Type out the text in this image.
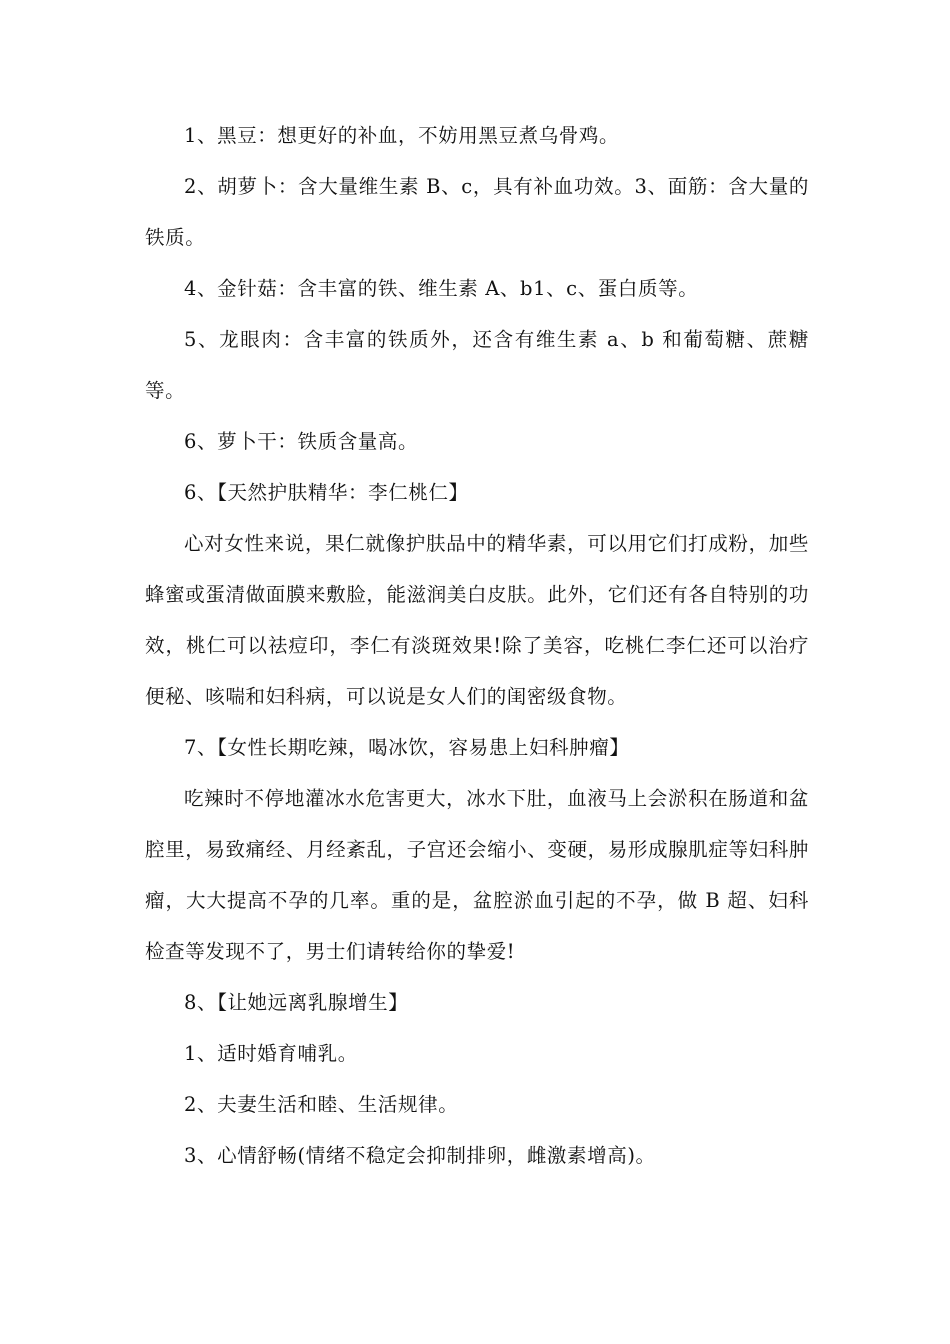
1、黑豆：想更好的补血，不妨用黑豆煮乌骨鸡。

2、胡萝卜：含大量维生素 B、c，具有补血功效。3、面筋：含大量的铁质。

4、金针菇：含丰富的铁、维生素 A、b1、c、蛋白质等。

5、龙眼肉：含丰富的铁质外，还含有维生素 a、b 和葡萄糖、蔗糖等。

6、萝卜干：铁质含量高。

6、【天然护肤精华：李仁桃仁】

心对女性来说，果仁就像护肤品中的精华素，可以用它们打成粉，加些蜂蜜或蛋清做面膜来敷脸，能滋润美白皮肤。此外，它们还有各自特别的功效，桃仁可以祛痘印，李仁有淡斑效果!除了美容，吃桃仁李仁还可以治疗便秘、咳喘和妇科病，可以说是女人们的闺密级食物。

7、【女性长期吃辣，喝冰饮，容易患上妇科肿瘤】

吃辣时不停地灌冰水危害更大，冰水下肚，血液马上会淤积在肠道和盆腔里，易致痛经、月经紊乱，子宫还会缩小、变硬，易形成腺肌症等妇科肿瘤，大大提高不孕的几率。重的是，盆腔淤血引起的不孕，做 B 超、妇科检查等发现不了，男士们请转给你的挚爱!

8、【让她远离乳腺增生】

1、适时婚育哺乳。

2、夫妻生活和睦、生活规律。

3、心情舒畅(情绪不稳定会抑制排卵，雌激素增高)。
